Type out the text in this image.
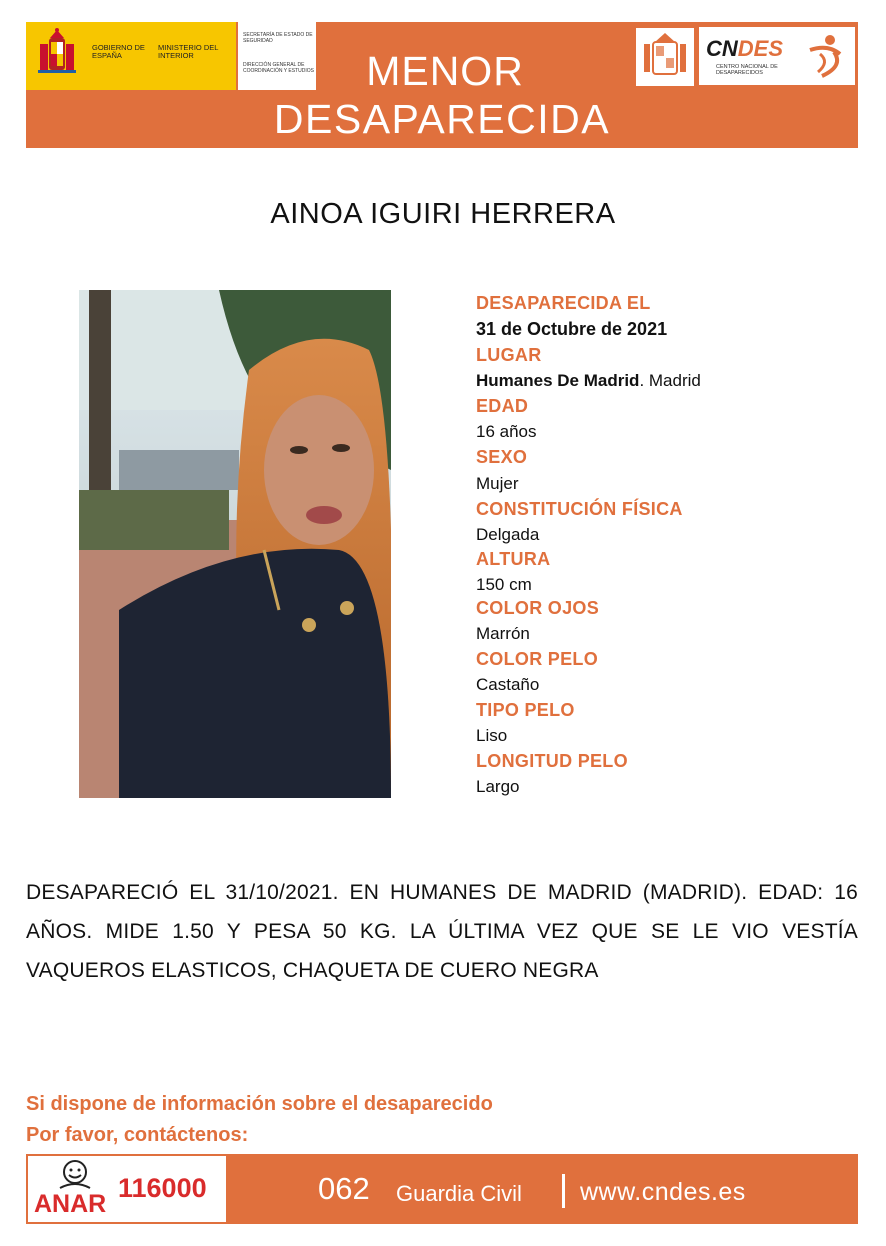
GOBIERNO DE ESPAÑA
MINISTERIO DEL INTERIOR
SECRETARÍA DE ESTADO DE SEGURIDAD
DIRECCIÓN GENERAL DE COORDINACIÓN Y ESTUDIOS	MENOR
DESAPARECIDA
CNDES
CENTRO NACIONAL DE DESAPARECIDOS
AINOA IGUIRI HERRERA
DESAPARECIDA EL
31 de Octubre de 2021
LUGAR
Humanes De Madrid. Madrid
EDAD
16 años
SEXO
Mujer
CONSTITUCIÓN FÍSICA
Delgada
ALTURA
150 cm
COLOR OJOS
Marrón
COLOR PELO
Castaño
TIPO PELO
Liso
LONGITUD PELO
Largo
DESAPARECIÓ EL 31/10/2021. EN HUMANES DE MADRID (MADRID). EDAD: 16 AÑOS. MIDE 1.50 Y PESA 50 KG. LA ÚLTIMA VEZ QUE SE LE VIO VESTÍA VAQUEROS ELASTICOS, CHAQUETA DE CUERO NEGRA
Si dispone de información sobre el desaparecido
Por favor, contáctenos:
ANAR
116000	062 Guardia Civil www.cndes.es
